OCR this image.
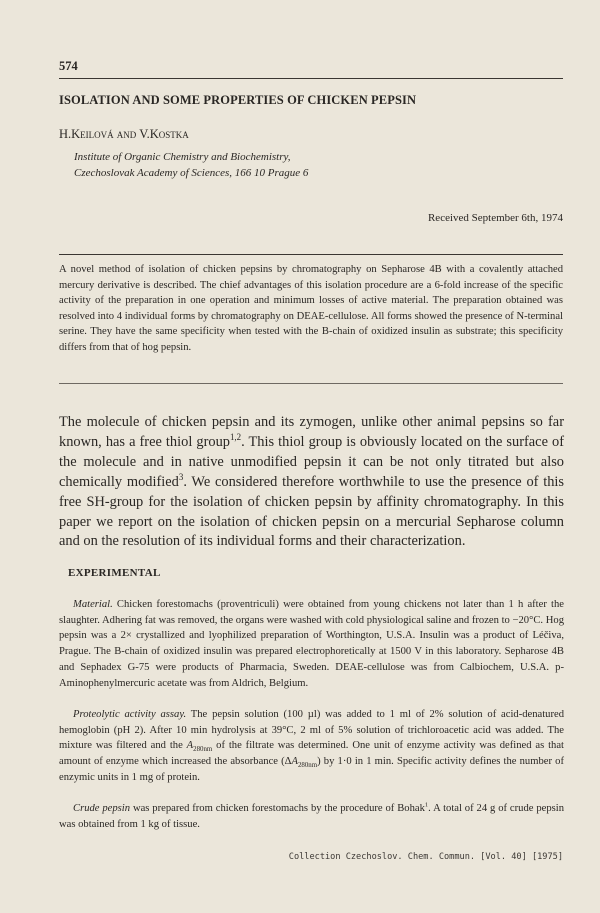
574
ISOLATION AND SOME PROPERTIES OF CHICKEN PEPSIN
H.Keilová and V.Kostka
Institute of Organic Chemistry and Biochemistry,
Czechoslovak Academy of Sciences, 166 10 Prague 6
Received September 6th, 1974

A novel method of isolation of chicken pepsins by chromatography on Sepharose 4B with a covalently attached mercury derivative is described. The chief advantages of this isolation procedure are a 6-fold increase of the specific activity of the preparation in one operation and minimum losses of active material. The preparation obtained was resolved into 4 individual forms by chromatography on DEAE-cellulose. All forms showed the presence of N-terminal serine. They have the same specificity when tested with the B-chain of oxidized insulin as substrate; this specificity differs from that of hog pepsin.

The molecule of chicken pepsin and its zymogen, unlike other animal pepsins so far known, has a free thiol group$^{1,2}$. This thiol group is obviously located on the surface of the molecule and in native unmodified pepsin it can be not only titrated but also chemically modified$^3$. We considered therefore worthwhile to use the presence of this free SH-group for the isolation of chicken pepsin by affinity chromatography. In this paper we report on the isolation of chicken pepsin on a mercurial Sepharose column and on the resolution of its individual forms and their characterization.

EXPERIMENTAL

Material. Chicken forestomachs (proventriculi) were obtained from young chickens not later than 1 h after the slaughter. Adhering fat was removed, the organs were washed with cold physiological saline and frozen to −20°C. Hog pepsin was a 2× crystallized and lyophilized preparation of Worthington, U.S.A. Insulin was a product of Léčiva, Prague. The B-chain of oxidized insulin was prepared electrophoretically at 1500 V in this laboratory. Sepharose 4B and Sephadex G-75 were products of Pharmacia, Sweden. DEAE-cellulose was from Calbiochem, U.S.A. p-Aminophenylmercuric acetate was from Aldrich, Belgium.

Proteolytic activity assay. The pepsin solution (100 µl) was added to 1 ml of 2% solution of acid-denatured hemoglobin (pH 2). After 10 min hydrolysis at 39°C, 2 ml of 5% solution of trichloroacetic acid was added. The mixture was filtered and the $A_{280nm}$ of the filtrate was determined. One unit of enzyme activity was defined as that amount of enzyme which increased the absorbance $(\Delta A_{280nm})$ by 1·0 in 1 min. Specific activity defines the number of enzymic units in 1 mg of protein.

Crude pepsin was prepared from chicken forestomachs by the procedure of Bohak$^1$. A total of 24 g of crude pepsin was obtained from 1 kg of tissue.

Collection Czechoslov. Chem. Commun. [Vol. 40] [1975]
